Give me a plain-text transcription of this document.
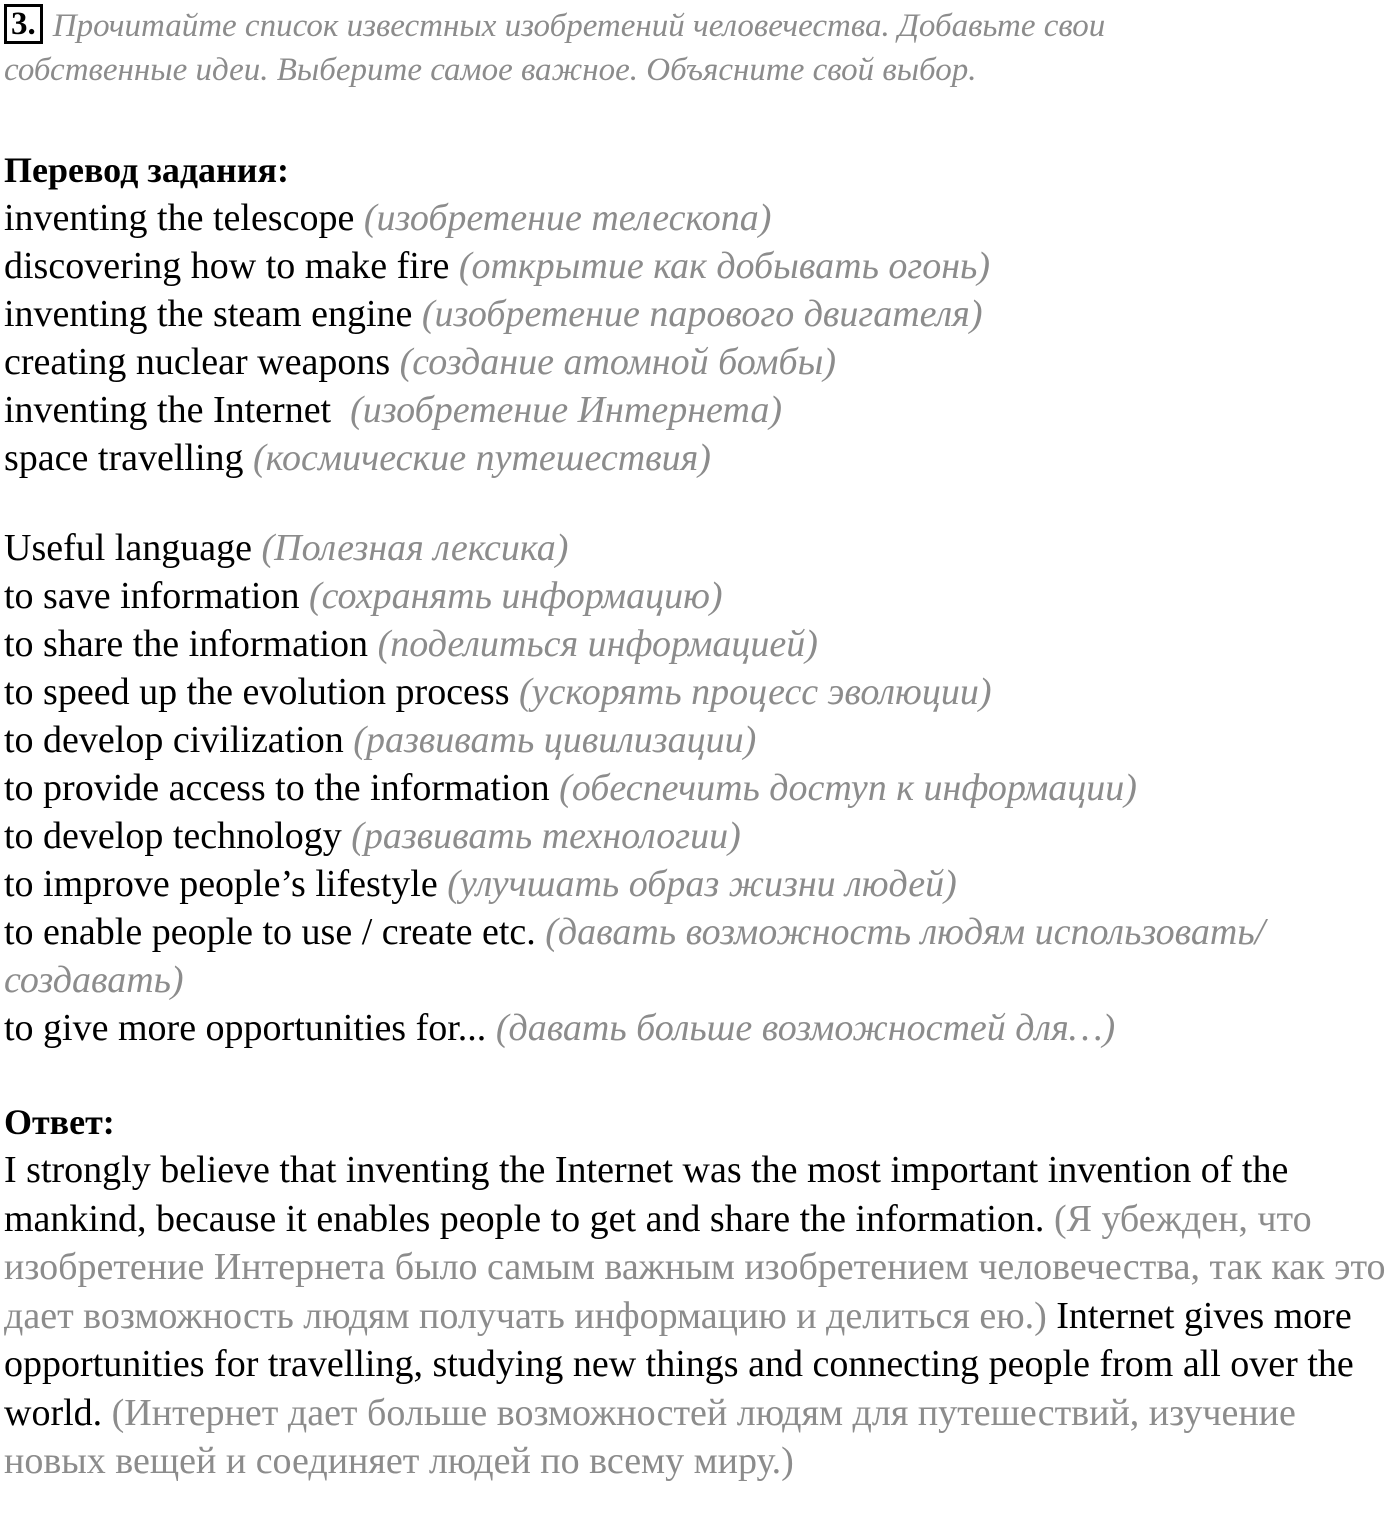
3. Прочитайте список известных изобретений человечества. Добавьте свои
собственные идеи. Выберите самое важное. Объясните свой выбор.
Перевод задания:
inventing the telescope (изобретение телескопа)
discovering how to make fire (открытие как добывать огонь)
inventing the steam engine (изобретение парового двигателя)
creating nuclear weapons (создание атомной бомбы)
inventing the Internet (изобретение Интернета)
space travelling (космические путешествия)
Useful language (Полезная лексика)
to save information (сохранять информацию)
to share the information (поделиться информацией)
to speed up the evolution process (ускорять процесс эволюции)
to develop civilization (развивать цивилизации)
to provide access to the information (обеспечить доступ к информации)
to develop technology (развивать технологии)
to improve people’s lifestyle (улучшать образ жизни людей)
to enable people to use / create etc. (давать возможность людям использовать/
создавать)
to give more opportunities for... (давать больше возможностей для…)
Ответ:
I strongly believe that inventing the Internet was the most important invention of the mankind, because it enables people to get and share the information. (Я убежден, что изобретение Интернета было самым важным изобретением человечества, так как это дает возможность людям получать информацию и делиться ею.) Internet gives more opportunities for travelling, studying new things and connecting people from all over the world. (Интернет дает больше возможностей людям для путешествий, изучение новых вещей и соединяет людей по всему миру.)
